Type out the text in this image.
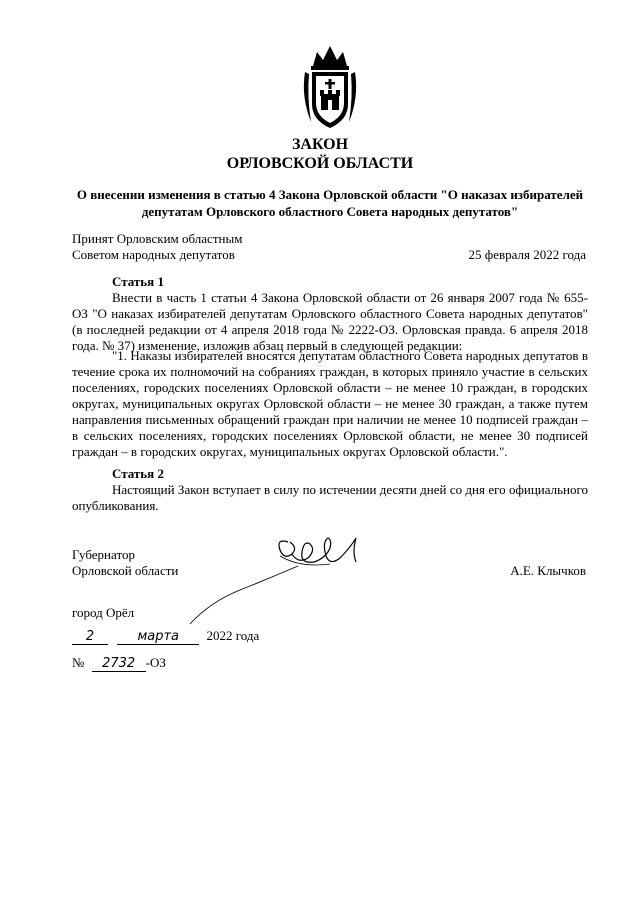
ЗАКОН
ОРЛОВСКОЙ ОБЛАСТИ
О внесении изменения в статью 4 Закона Орловской области "О наказах избирателей депутатам Орловского областного Совета народных депутатов"
Принят Орловским областным
Советом народных депутатов	25 февраля 2022 года
Статья 1
Внести в часть 1 статьи 4 Закона Орловской области от 26 января 2007 года № 655-ОЗ "О наказах избирателей депутатам Орловского областного Совета народных депутатов" (в последней редакции от 4 апреля 2018 года № 2222-ОЗ. Орловская правда. 6 апреля 2018 года. № 37) изменение, изложив абзац первый в следующей редакции:
"1. Наказы избирателей вносятся депутатам областного Совета народных депутатов в течение срока их полномочий на собраниях граждан, в которых приняло участие в сельских поселениях, городских поселениях Орловской области – не менее 10 граждан, в городских округах, муниципальных округах Орловской области – не менее 30 граждан, а также путем направления письменных обращений граждан при наличии не менее 10 подписей граждан – в сельских поселениях, городских поселениях Орловской области, не менее 30 подписей граждан – в городских округах, муниципальных округах Орловской области.".
Статья 2
Настоящий Закон вступает в силу по истечении десяти дней со дня его официального опубликования.
Губернатор
Орловской области	А.Е. Клычков
город Орёл
2	марта 2022 года
№ 2732 -ОЗ
